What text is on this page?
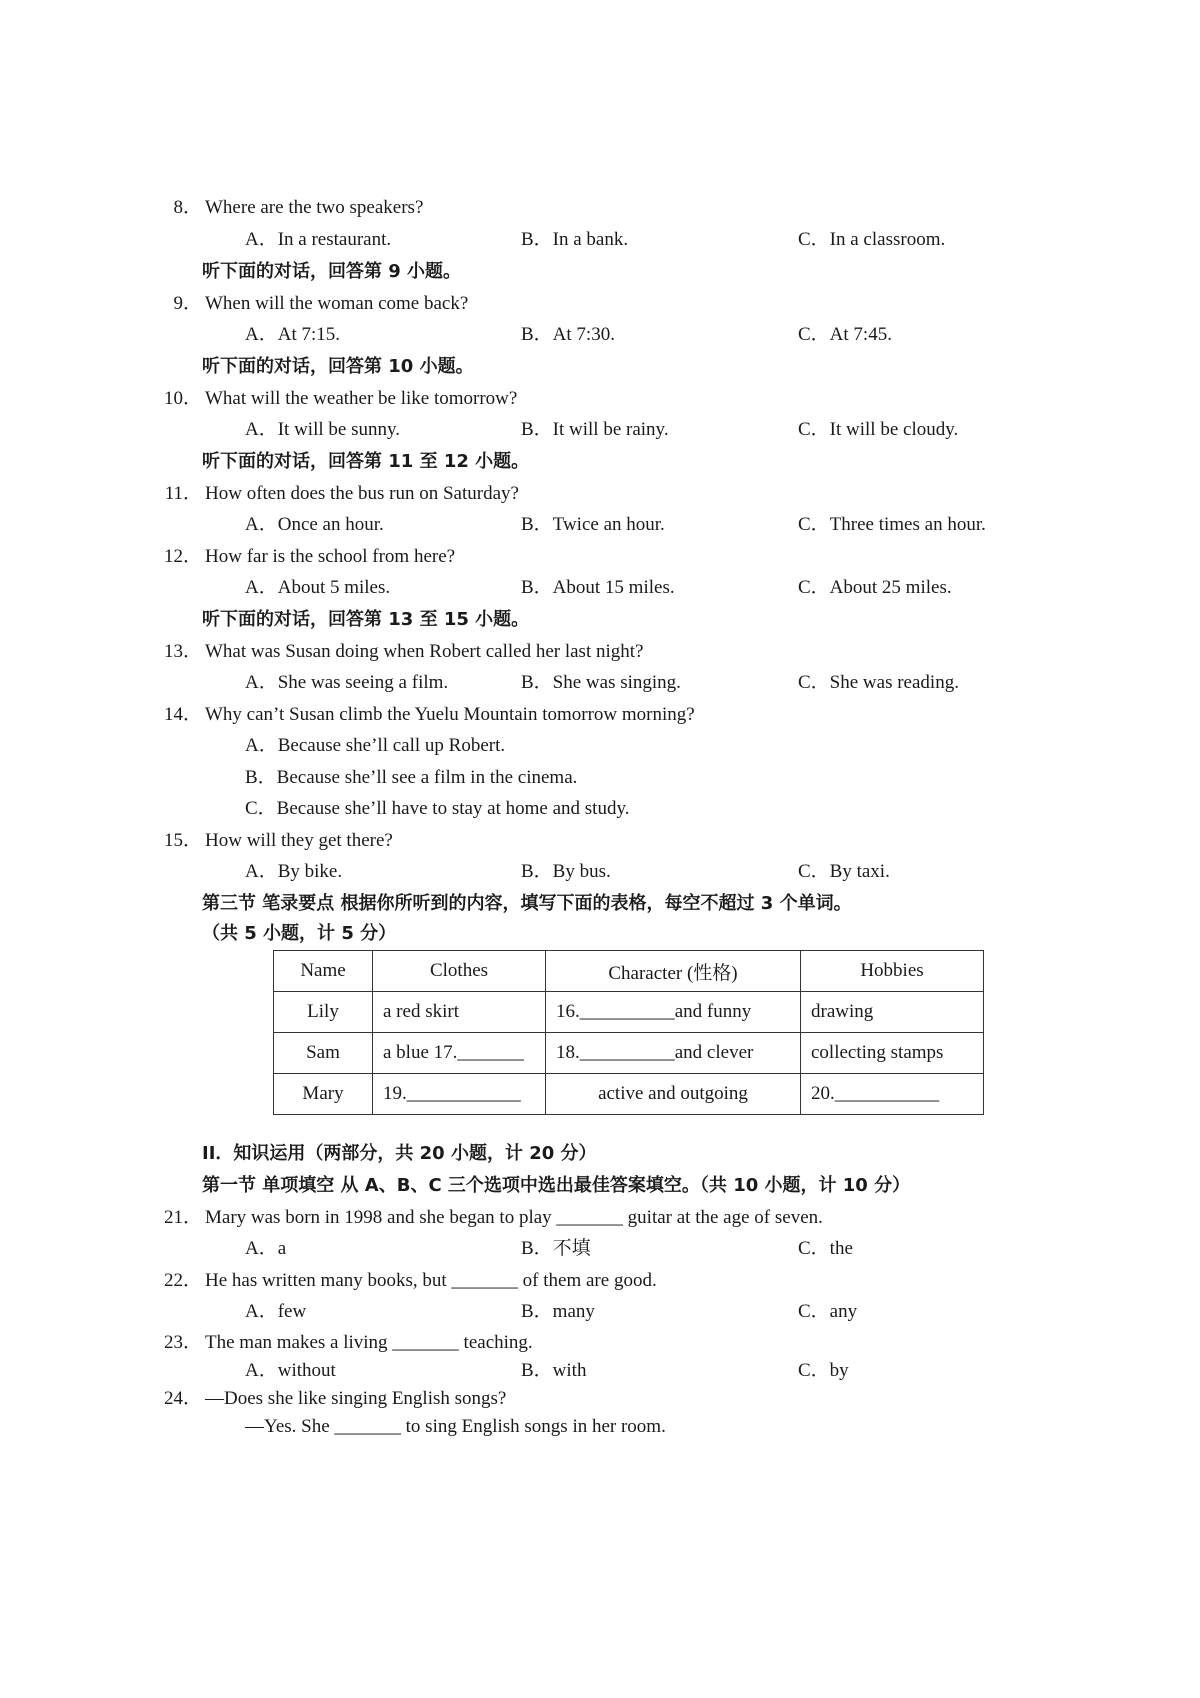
8． Where are the two speakers?
A．In a restaurant.	B．In a bank.	C．In a classroom.
听下面的对话，回答第 9 小题。
9． When will the woman come back?
A．At 7:15.	B．At 7:30.	C．At 7:45.
听下面的对话，回答第 10 小题。
10． What will the weather be like tomorrow?
A．It will be sunny.	B．It will be rainy.	C．It will be cloudy.
听下面的对话，回答第 11 至 12 小题。
11． How often does the bus run on Saturday?
A．Once an hour.	B．Twice an hour.	C．Three times an hour.
12． How far is the school from here?
A．About 5 miles.	B．About 15 miles.	C．About 25 miles.
听下面的对话，回答第 13 至 15 小题。
13． What was Susan doing when Robert called her last night?
A．She was seeing a film.	B．She was singing.	C．She was reading.
14． Why can’t Susan climb the Yuelu Mountain tomorrow morning?
A．Because she’ll call up Robert.
B．Because she’ll see a film in the cinema.
C．Because she’ll have to stay at home and study.
15． How will they get there?
A．By bike.	B．By bus.	C．By taxi.
第三节 笔录要点 根据你所听到的内容，填写下面的表格，每空不超过 3 个单词。
（共 5 小题，计 5 分）
Name	Clothes	Character (性格)	Hobbies
Lily	a red skirt	16.__________and funny	drawing
Sam	a blue 17._______	18.__________and clever	collecting stamps
Mary	19.____________	active and outgoing	20.___________
II．知识运用（两部分，共 20 小题，计 20 分）
第一节 单项填空 从 A、B、C 三个选项中选出最佳答案填空。（共 10 小题，计 10 分）
21． Mary was born in 1998 and she began to play _______ guitar at the age of seven.
A．a	B．不填	C．the
22． He has written many books, but _______ of them are good.
A．few	B．many	C．any
23． The man makes a living _______ teaching.
A．without	B．with	C．by
24． —Does she like singing English songs?
—Yes. She _______ to sing English songs in her room.
